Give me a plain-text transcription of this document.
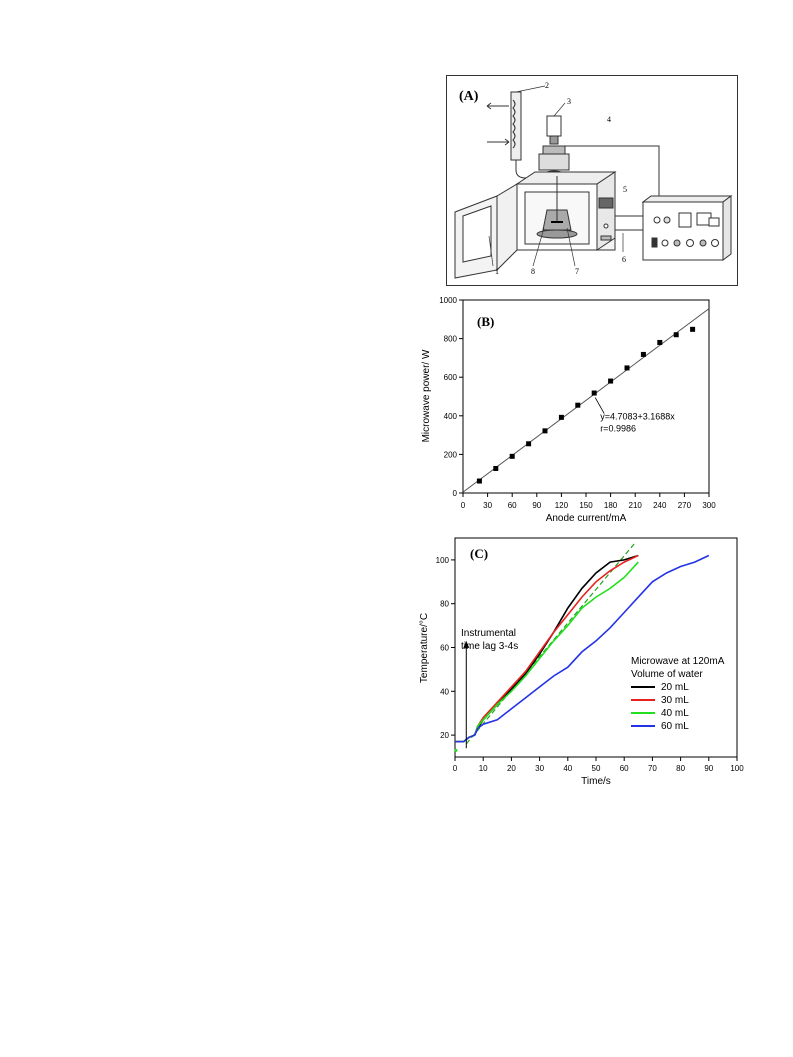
(A)
2
3
4
5
6
1	8	7
0 30 60 90 120 150 180 210 240 270 300
0
200
400
600
800
1000
(B)
y=4.7083+3.1688x
r=0.9986
Anode current/mA
Microwave power/ W
0	10 20 30 40 50 60 70 80 90 100
20
40
60
80
100
Instrumental
time lag 3-4s
(C)
Microwave at 120mA
Volume of water
20 mL
30 mL
40 mL
60 mL
Time/s
Temperature/°C
